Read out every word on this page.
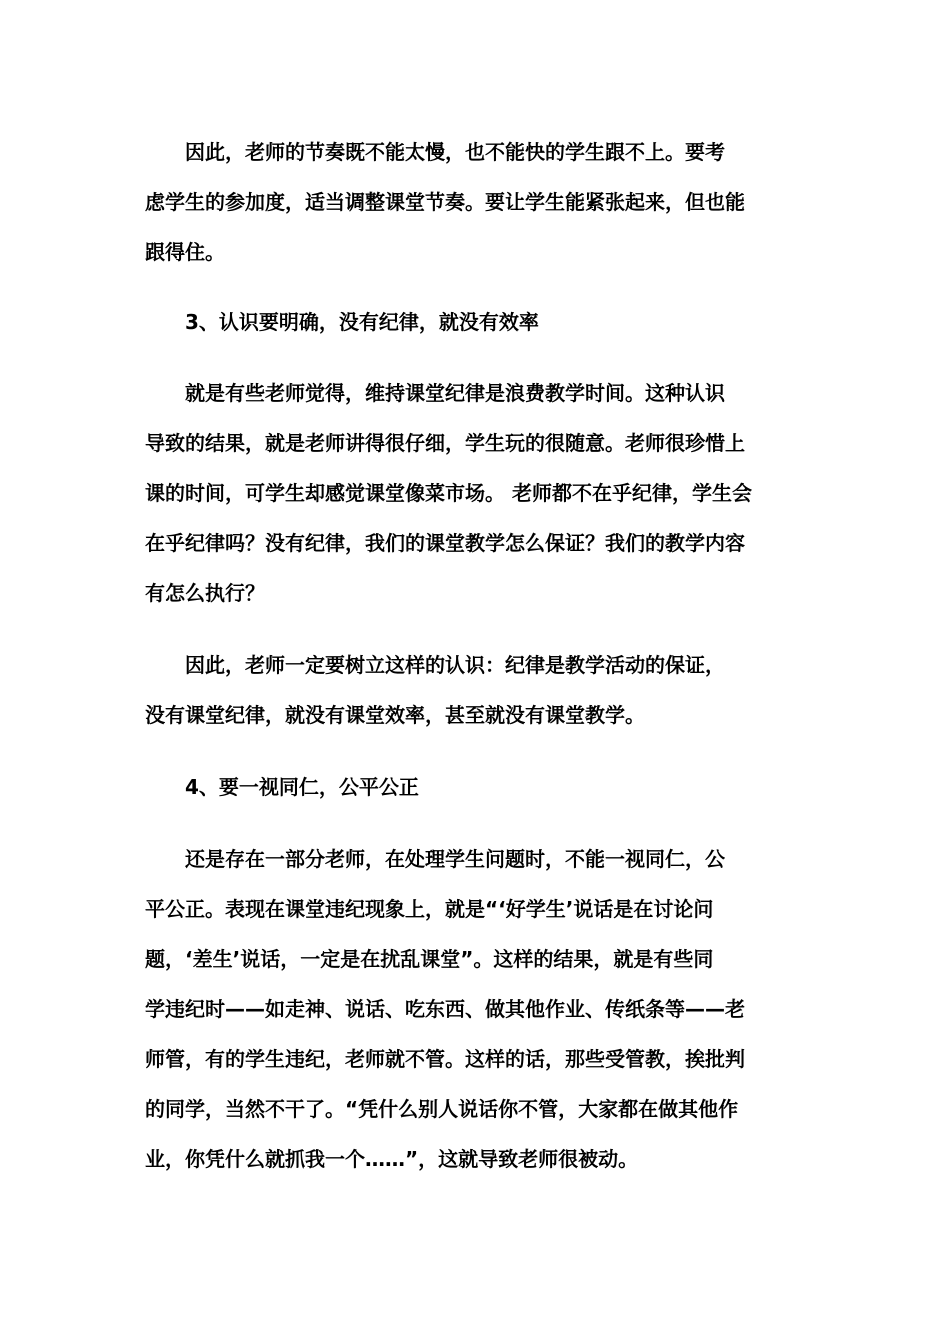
　　因此，老师的节奏既不能太慢，也不能快的学生跟不上。要考
虑学生的参加度，适当调整课堂节奏。要让学生能紧张起来，但也能
跟得住。
　　3、认识要明确，没有纪律，就没有效率
　　就是有些老师觉得，维持课堂纪律是浪费教学时间。这种认识
导致的结果，就是老师讲得很仔细，学生玩的很随意。老师很珍惜上
课的时间，可学生却感觉课堂像菜市场。 老师都不在乎纪律，学生会
在乎纪律吗？没有纪律，我们的课堂教学怎么保证？我们的教学内容
有怎么执行？
　　因此，老师一定要树立这样的认识：纪律是教学活动的保证，
没有课堂纪律，就没有课堂效率，甚至就没有课堂教学。
　　4、要一视同仁，公平公正
　　还是存在一部分老师，在处理学生问题时，不能一视同仁，公
平公正。表现在课堂违纪现象上，就是“‘好学生’说话是在讨论问
题，‘差生’说话，一定是在扰乱课堂”。这样的结果，就是有些同
学违纪时——如走神、说话、吃东西、做其他作业、传纸条等——老
师管，有的学生违纪，老师就不管。这样的话，那些受管教，挨批判
的同学，当然不干了。“凭什么别人说话你不管，大家都在做其他作
业，你凭什么就抓我一个……”，这就导致老师很被动。
